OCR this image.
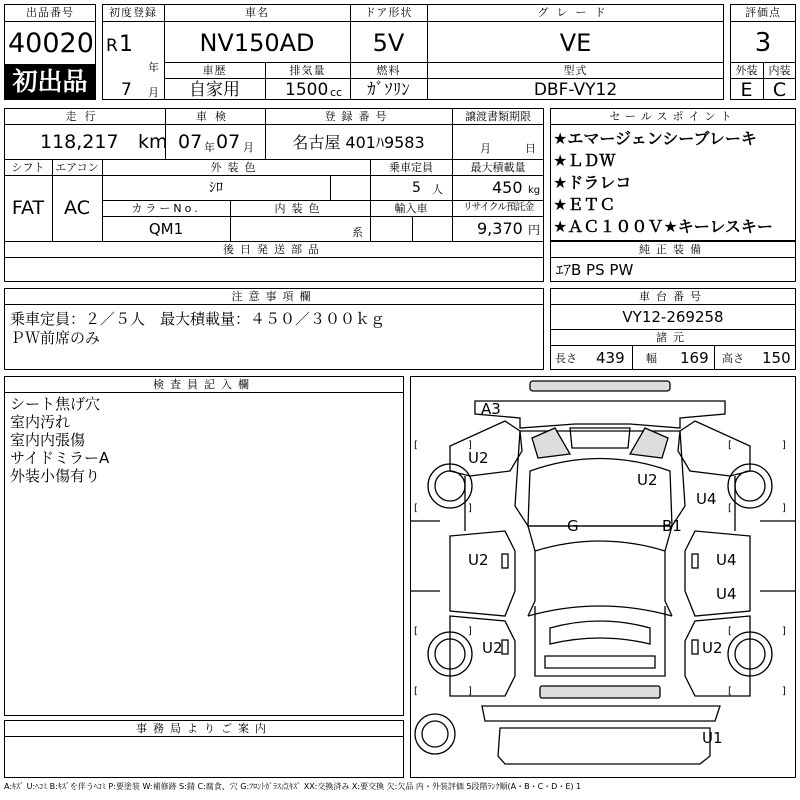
出品番号
40020
初出品
初度登録
R 1
年
7 月
車名
NV150AD
ドア形状
5V
グレード
VE
車歴
自家用
排気量
1500 cc
燃料
ｶﾞｿﾘﾝ
型式
DBF-VY12
評価点
3
外装	内装
E	C
走行
118,217 km
車検
07 年 07 月
登録番号
名古屋 401ﾊ9583
譲渡書類期限
月	日
シフト エアコン
FAT	AC
外装色
ｼﾛ
乗車定員
5 人
最大積載量
450 kg
カラーNo.
QM1
内装色
系
輸入車	リサイクル預託金
9,370 円
後日発送部品
セールスポイント
★エマージェンシーブレーキ
★ＬＤＷ
★ドラレコ
★ＥＴＣ
★ＡＣ１００Ｖ★キーレスキー
純正装備
ｴｱB PS PW
注意事項欄
乗車定員：２／５人　最大積載量：４５０／３００ｋｇ
ＰＷ前席のみ
車台番号
VY12-269258
諸元
長さ 439 幅 169 高さ 150
検査員記入欄
シート焦げ穴
室内汚れ
室内内張傷
サイドミラーA
外装小傷有り
事務局よりご案内
[	]
[	]
[	]
[	]
[	]
[	]
[	]
[	]
A3
U2
U2
U4
G	B1
U2	U4
U4
U2	U2
U1
A:ｷｽﾞ U:ﾍｺﾐ B:ｷｽﾞを伴うﾍｺﾐ P:要塗装 W:補修跡 S:錆 C:腐食、穴 G:ﾌﾛﾝﾄｶﾞﾗｽ点ｷｽﾞ XX:交換済み X:要交換 欠:欠品 内・外装評価 5段階ﾗﾝｸ順(A・B・C・D・E) 1
